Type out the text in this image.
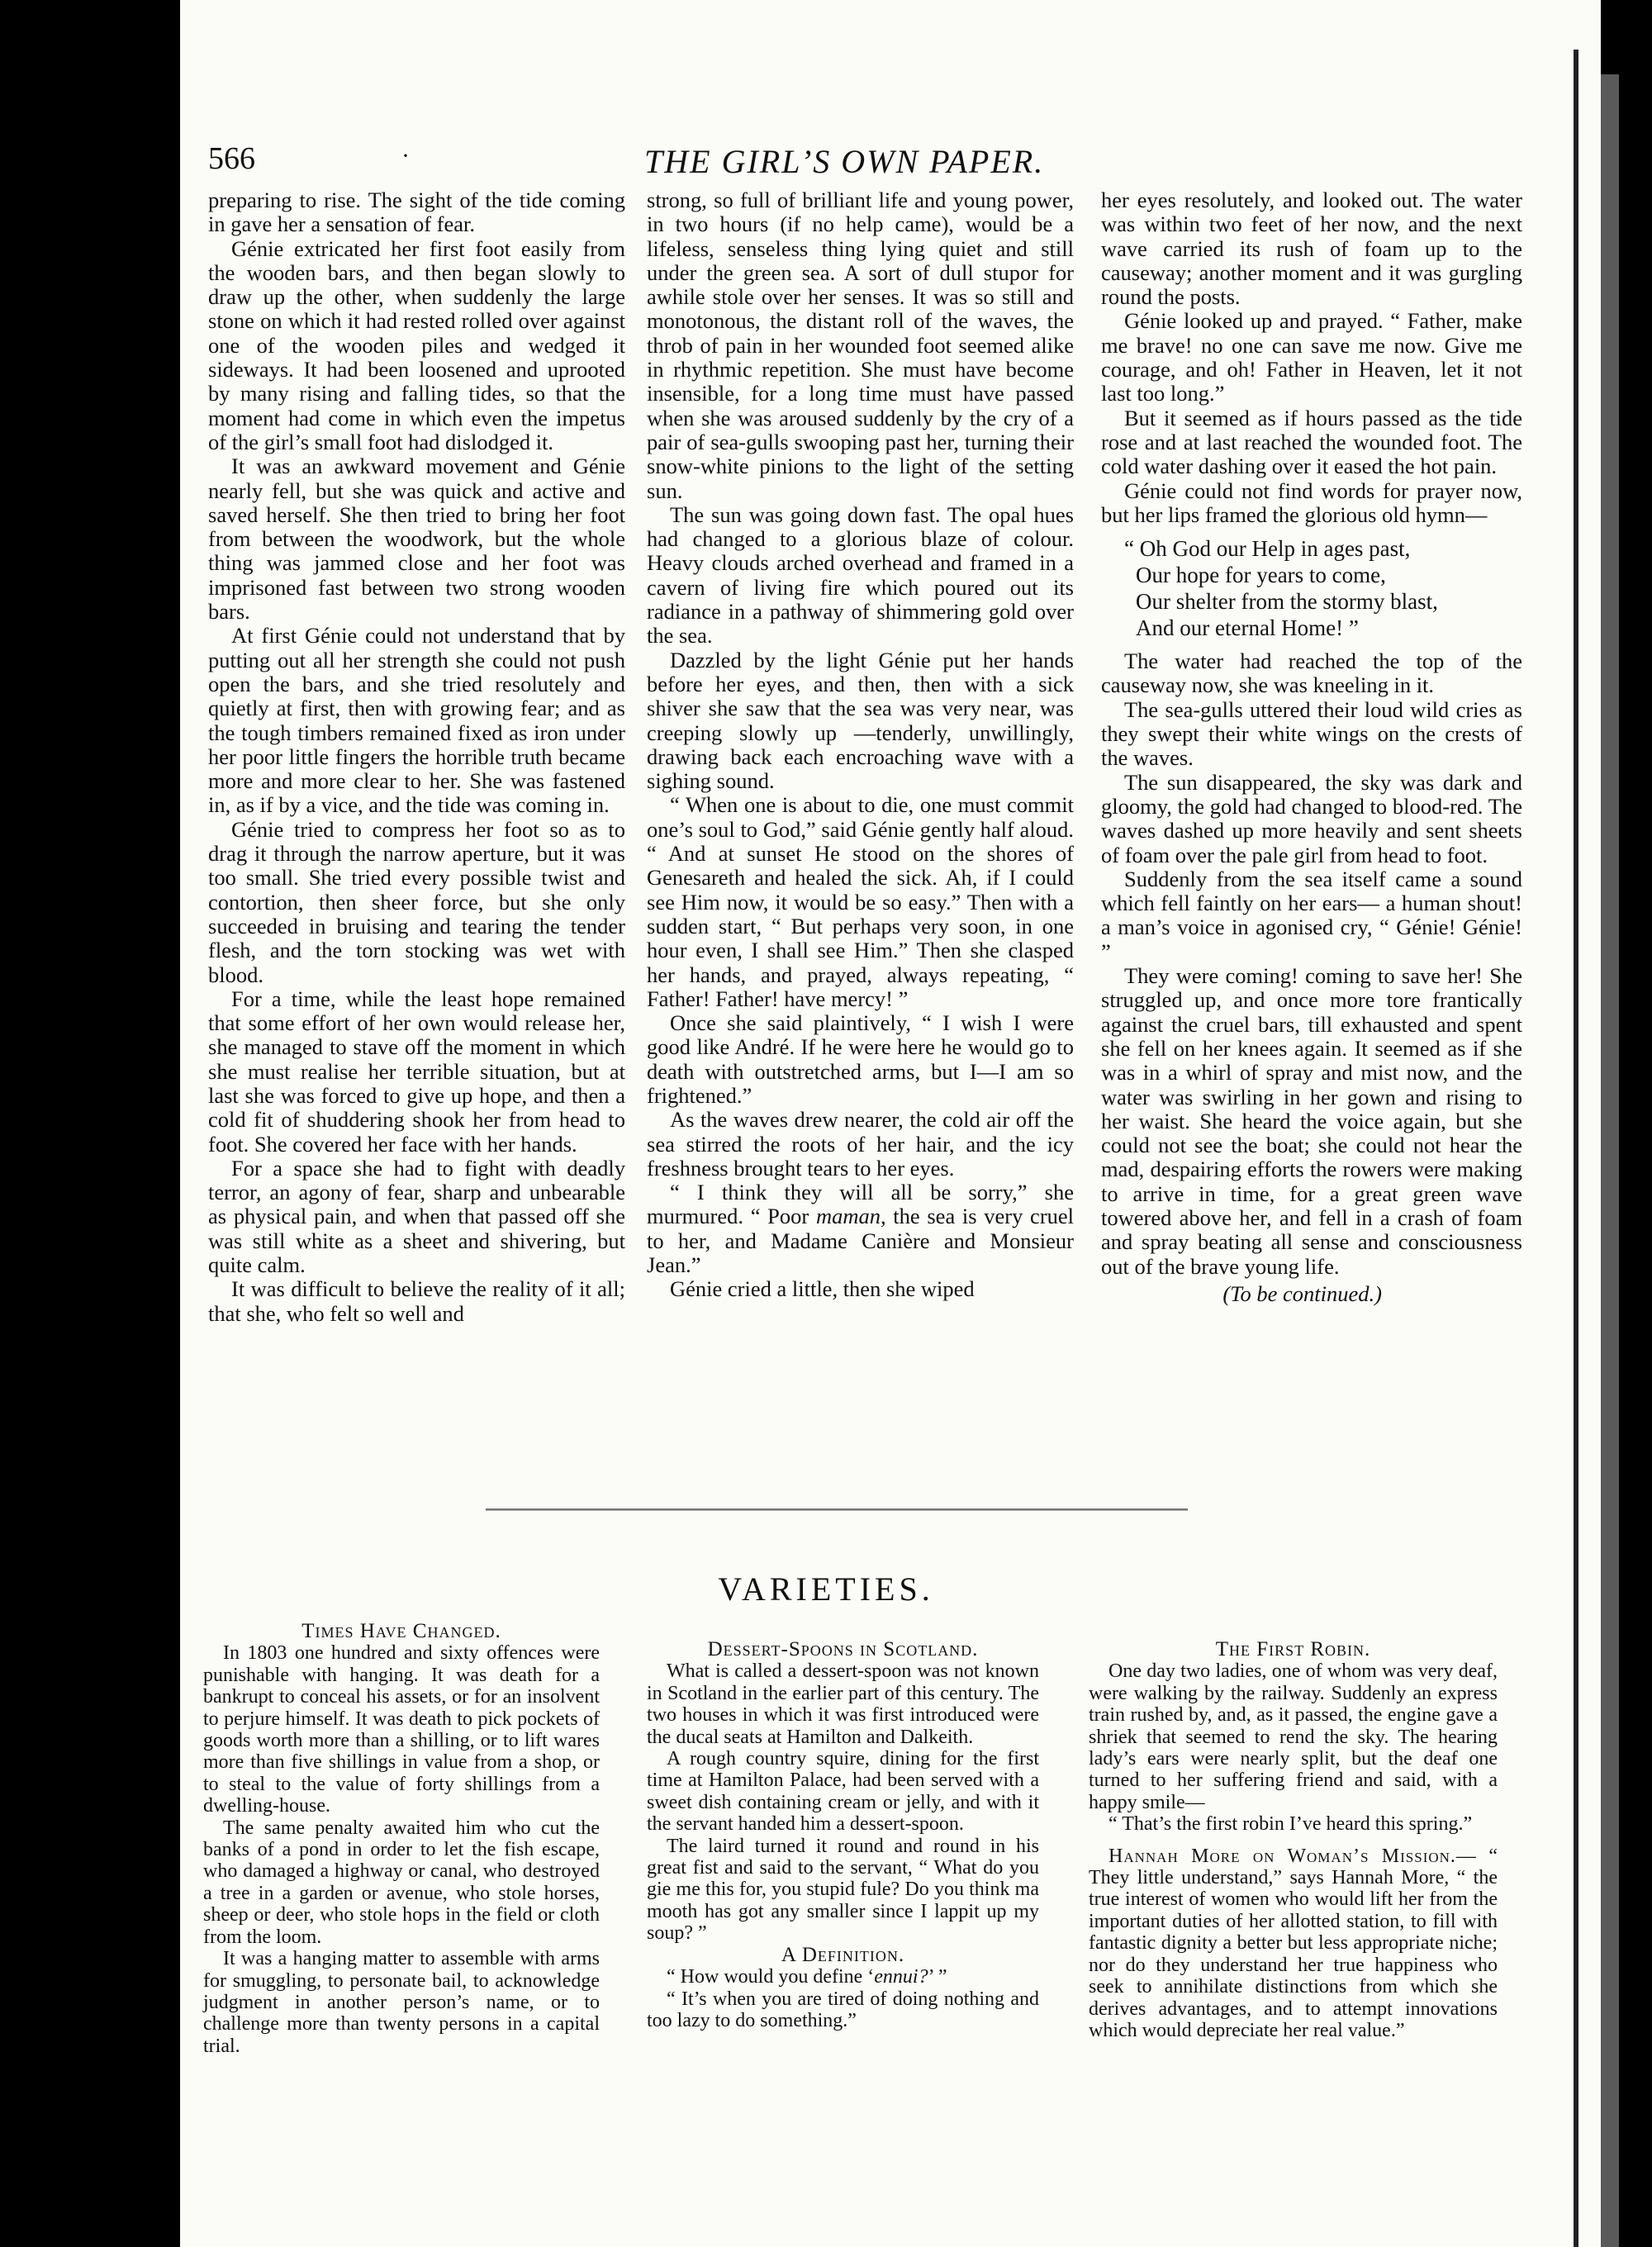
566	·	THE GIRL’S OWN PAPER.

preparing to rise. The sight of the tide coming in gave her a sensation of fear.

Génie extricated her first foot easily from the wooden bars, and then began slowly to draw up the other, when suddenly the large stone on which it had rested rolled over against one of the wooden piles and wedged it sideways. It had been loosened and uprooted by many rising and falling tides, so that the moment had come in which even the impetus of the girl’s small foot had dislodged it.

It was an awkward movement and Génie nearly fell, but she was quick and active and saved herself. She then tried to bring her foot from between the woodwork, but the whole thing was jammed close and her foot was imprisoned fast between two strong wooden bars.

At first Génie could not understand that by putting out all her strength she could not push open the bars, and she tried resolutely and quietly at first, then with growing fear; and as the tough timbers remained fixed as iron under her poor little fingers the horrible truth became more and more clear to her. She was fastened in, as if by a vice, and the tide was coming in.

Génie tried to compress her foot so as to drag it through the narrow aperture, but it was too small. She tried every possible twist and contortion, then sheer force, but she only succeeded in bruising and tearing the tender flesh, and the torn stocking was wet with blood.

For a time, while the least hope remained that some effort of her own would release her, she managed to stave off the moment in which she must realise her terrible situation, but at last she was forced to give up hope, and then a cold fit of shuddering shook her from head to foot. She covered her face with her hands.

For a space she had to fight with deadly terror, an agony of fear, sharp and unbearable as physical pain, and when that passed off she was still white as a sheet and shivering, but quite calm.

It was difficult to believe the reality of it all; that she, who felt so well and

strong, so full of brilliant life and young power, in two hours (if no help came), would be a lifeless, senseless thing lying quiet and still under the green sea. A sort of dull stupor for awhile stole over her senses. It was so still and monotonous, the distant roll of the waves, the throb of pain in her wounded foot seemed alike in rhythmic repetition. She must have become insensible, for a long time must have passed when she was aroused suddenly by the cry of a pair of sea-gulls swooping past her, turning their snow-white pinions to the light of the setting sun.

The sun was going down fast. The opal hues had changed to a glorious blaze of colour. Heavy clouds arched overhead and framed in a cavern of living fire which poured out its radiance in a pathway of shimmering gold over the sea.

Dazzled by the light Génie put her hands before her eyes, and then, then with a sick shiver she saw that the sea was very near, was creeping slowly up —tenderly, unwillingly, drawing back each encroaching wave with a sighing sound.

“ When one is about to die, one must commit one’s soul to God,” said Génie gently half aloud. “ And at sunset He stood on the shores of Genesareth and healed the sick. Ah, if I could see Him now, it would be so easy.” Then with a sudden start, “ But perhaps very soon, in one hour even, I shall see Him.” Then she clasped her hands, and prayed, always repeating, “ Father! Father! have mercy! ”

Once she said plaintively, “ I wish I were good like André. If he were here he would go to death with outstretched arms, but I—I am so frightened.”

As the waves drew nearer, the cold air off the sea stirred the roots of her hair, and the icy freshness brought tears to her eyes.

“ I think they will all be sorry,” she murmured. “ Poor maman, the sea is very cruel to her, and Madame Canière and Monsieur Jean.”

Génie cried a little, then she wiped

her eyes resolutely, and looked out. The water was within two feet of her now, and the next wave carried its rush of foam up to the causeway; another moment and it was gurgling round the posts.

Génie looked up and prayed. “ Father, make me brave! no one can save me now. Give me courage, and oh! Father in Heaven, let it not last too long.”

But it seemed as if hours passed as the tide rose and at last reached the wounded foot. The cold water dashing over it eased the hot pain.

Génie could not find words for prayer now, but her lips framed the glorious old hymn—

“ Oh God our Help in ages past,
Our hope for years to come,
Our shelter from the stormy blast,
And our eternal Home! ”

The water had reached the top of the causeway now, she was kneeling in it.

The sea-gulls uttered their loud wild cries as they swept their white wings on the crests of the waves.

The sun disappeared, the sky was dark and gloomy, the gold had changed to blood-red. The waves dashed up more heavily and sent sheets of foam over the pale girl from head to foot.

Suddenly from the sea itself came a sound which fell faintly on her ears— a human shout! a man’s voice in agonised cry, “ Génie! Génie! ”

They were coming! coming to save her! She struggled up, and once more tore frantically against the cruel bars, till exhausted and spent she fell on her knees again. It seemed as if she was in a whirl of spray and mist now, and the water was swirling in her gown and rising to her waist. She heard the voice again, but she could not see the boat; she could not hear the mad, despairing efforts the rowers were making to arrive in time, for a great green wave towered above her, and fell in a crash of foam and spray beating all sense and consciousness out of the brave young life.

(To be continued.)
VARIETIES.

Times Have Changed.

In 1803 one hundred and sixty offences were punishable with hanging. It was death for a bankrupt to conceal his assets, or for an insolvent to perjure himself. It was death to pick pockets of goods worth more than a shilling, or to lift wares more than five shillings in value from a shop, or to steal to the value of forty shillings from a dwelling-house.

The same penalty awaited him who cut the banks of a pond in order to let the fish escape, who damaged a highway or canal, who destroyed a tree in a garden or avenue, who stole horses, sheep or deer, who stole hops in the field or cloth from the loom.

It was a hanging matter to assemble with arms for smuggling, to personate bail, to acknowledge judgment in another person’s name, or to challenge more than twenty persons in a capital trial.

Dessert-Spoons in Scotland.

What is called a dessert-spoon was not known in Scotland in the earlier part of this century. The two houses in which it was first introduced were the ducal seats at Hamilton and Dalkeith.

A rough country squire, dining for the first time at Hamilton Palace, had been served with a sweet dish containing cream or jelly, and with it the servant handed him a dessert-spoon.

The laird turned it round and round in his great fist and said to the servant, “ What do you gie me this for, you stupid fule? Do you think ma mooth has got any smaller since I lappit up my soup? ”

A Definition.

“ How would you define ‘ennui?’ ”

“ It’s when you are tired of doing nothing and too lazy to do something.”

The First Robin.

One day two ladies, one of whom was very deaf, were walking by the railway. Suddenly an express train rushed by, and, as it passed, the engine gave a shriek that seemed to rend the sky. The hearing lady’s ears were nearly split, but the deaf one turned to her suffering friend and said, with a happy smile—

“ That’s the first robin I’ve heard this spring.”

Hannah More on Woman’s Mission.— “ They little understand,” says Hannah More, “ the true interest of women who would lift her from the important duties of her allotted station, to fill with fantastic dignity a better but less appropriate niche; nor do they understand her true happiness who seek to annihilate distinctions from which she derives advantages, and to attempt innovations which would depreciate her real value.”
